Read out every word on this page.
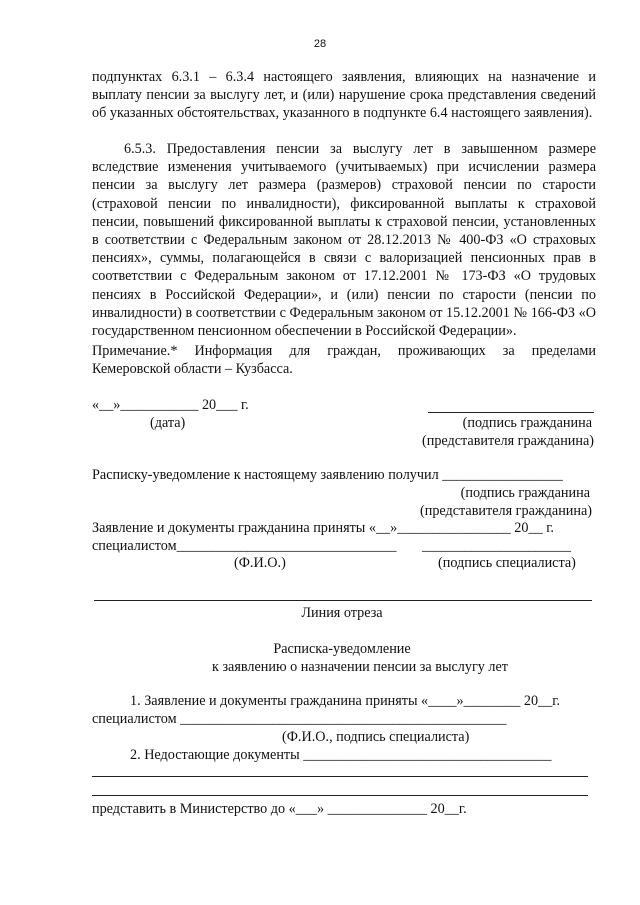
28

подпунктах 6.3.1 – 6.3.4 настоящего заявления, влияющих на назначение и выплату пенсии за выслугу лет, и (или) нарушение срока представления сведений об указанных обстоятельствах, указанного в подпункте 6.4 настоящего заявления).

6.5.3. Предоставления пенсии за выслугу лет в завышенном размере вследствие изменения учитываемого (учитываемых) при исчислении размера пенсии за выслугу лет размера (размеров) страховой пенсии по старости (страховой пенсии по инвалидности), фиксированной выплаты к страховой пенсии, повышений фиксированной выплаты к страховой пенсии, установленных в соответствии с Федеральным законом от 28.12.2013 № 400-ФЗ «О страховых пенсиях», суммы, полагающейся в связи с валоризацией пенсионных прав в соответствии с Федеральным законом от 17.12.2001 № 173-ФЗ «О трудовых пенсиях в Российской Федерации», и (или) пенсии по старости (пенсии по инвалидности) в соответствии с Федеральным законом от 15.12.2001 № 166-ФЗ «О государственном пенсионном обеспечении в Российской Федерации».

Примечание.* Информация для граждан, проживающих за пределами Кемеровской области – Кузбасса.

«__»___________ 20___ г.
(дата)	(подпись гражданина
(представителя гражданина)
Расписку-уведомление к настоящему заявлению получил _________________
(подпись гражданина
(представителя гражданина)
Заявление и документы гражданина приняты «__»________________ 20__ г.
специалистом_______________________________ _____________________
(Ф.И.О.)	(подпись специалиста)
Линия отреза
Расписка-уведомление
к заявлению о назначении пенсии за выслугу лет
1. Заявление и документы гражданина приняты «____»________ 20__г.
специалистом ______________________________________________
(Ф.И.О., подпись специалиста)
2. Недостающие документы ___________________________________
представить в Министерство до «___» ______________ 20__г.
